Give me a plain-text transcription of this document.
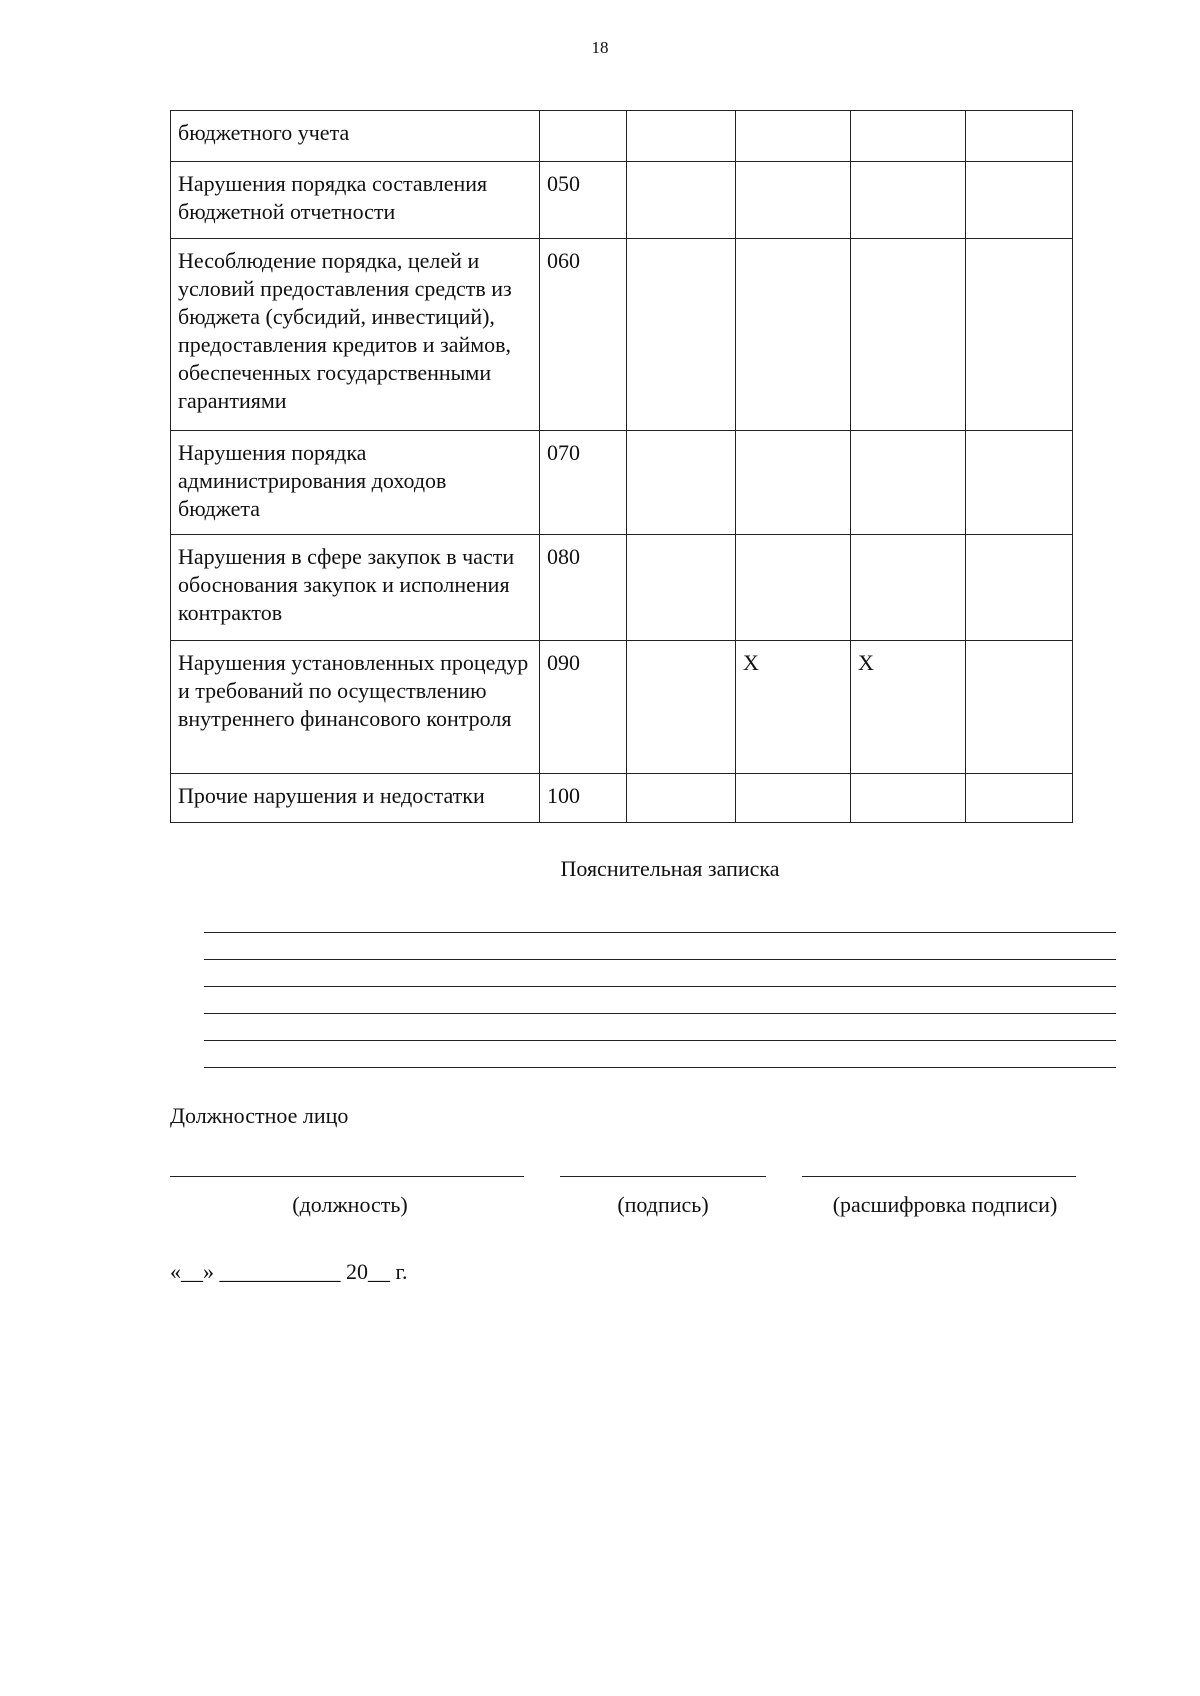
18
бюджетного учета					
Нарушения порядка составления бюджетной отчетности	050				
Несоблюдение порядка, целей и условий предоставления средств из бюджета (субсидий, инвестиций), предоставления кредитов и займов, обеспеченных государственными гарантиями	060				
Нарушения порядка администрирования доходов бюджета	070				
Нарушения в сфере закупок в части обоснования закупок и исполнения контрактов	080				
Нарушения установленных процедур и требований по осуществлению внутреннего финансового контроля	090		X	X	
Прочие нарушения и недостатки	100				
Пояснительная записка
Должностное лицо
(должность)	(подпись)	(расшифровка подписи)
«__» ___________ 20__ г.
